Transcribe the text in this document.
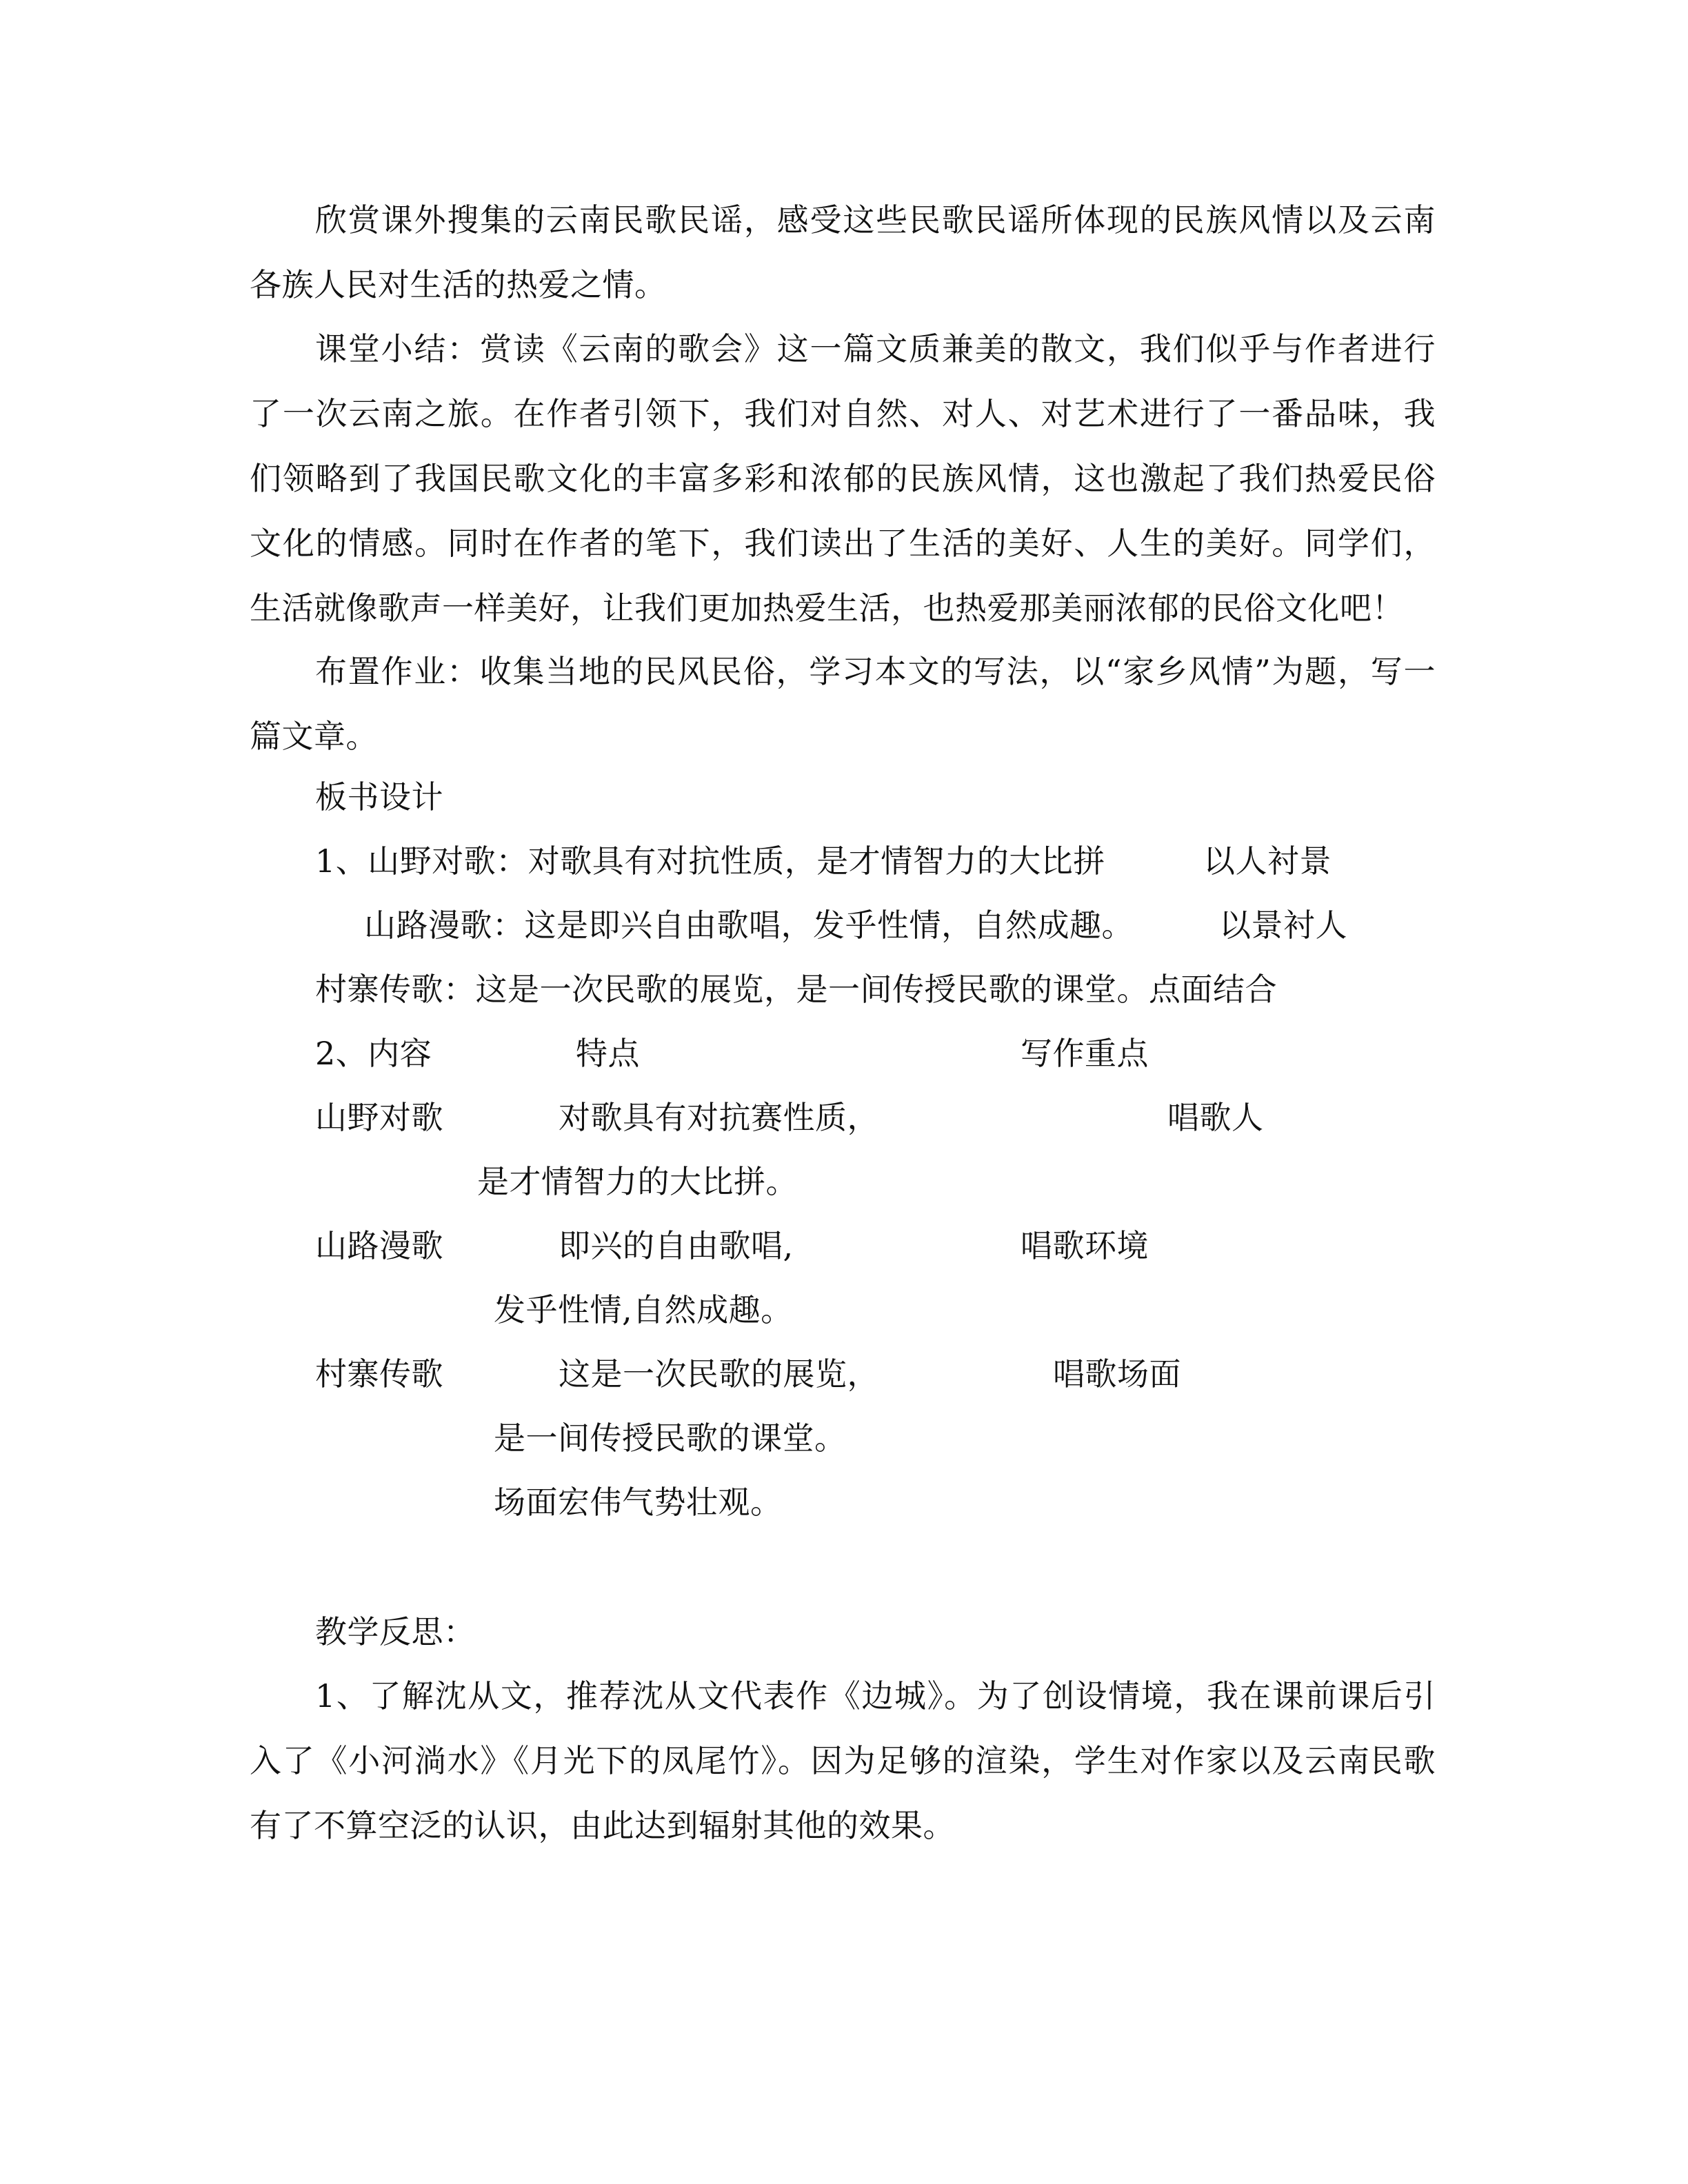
欣赏课外搜集的云南民歌民谣，感受这些民歌民谣所体现的民族风情以及云南各族人民对生活的热爱之情。
课堂小结：赏读《云南的歌会》这一篇文质兼美的散文，我们似乎与作者进行了一次云南之旅。在作者引领下，我们对自然、对人、对艺术进行了一番品味，我们领略到了我国民歌文化的丰富多彩和浓郁的民族风情，这也激起了我们热爱民俗文化的情感。同时在作者的笔下，我们读出了生活的美好、人生的美好。同学们，生活就像歌声一样美好，让我们更加热爱生活，也热爱那美丽浓郁的民俗文化吧！
布置作业：收集当地的民风民俗，学习本文的写法，以“家乡风情”为题，写一篇文章。
板书设计
1、山野对歌：对歌具有对抗性质，是才情智力的大比拼	以人衬景
山路漫歌：这是即兴自由歌唱，发乎性情，自然成趣。	以景衬人
村寨传歌：这是一次民歌的展览，是一间传授民歌的课堂。点面结合
2、内容	特点	写作重点
山野对歌	对歌具有对抗赛性质，	唱歌人
是才情智力的大比拼。
山路漫歌	即兴的自由歌唱,	唱歌环境
发乎性情,自然成趣。
村寨传歌	这是一次民歌的展览，	唱歌场面
是一间传授民歌的课堂。
场面宏伟气势壮观。
教学反思：
1、了解沈从文，推荐沈从文代表作《边城》。为了创设情境，我在课前课后引入了《小河淌水》《月光下的凤尾竹》。因为足够的渲染，学生对作家以及云南民歌有了不算空泛的认识，由此达到辐射其他的效果。
